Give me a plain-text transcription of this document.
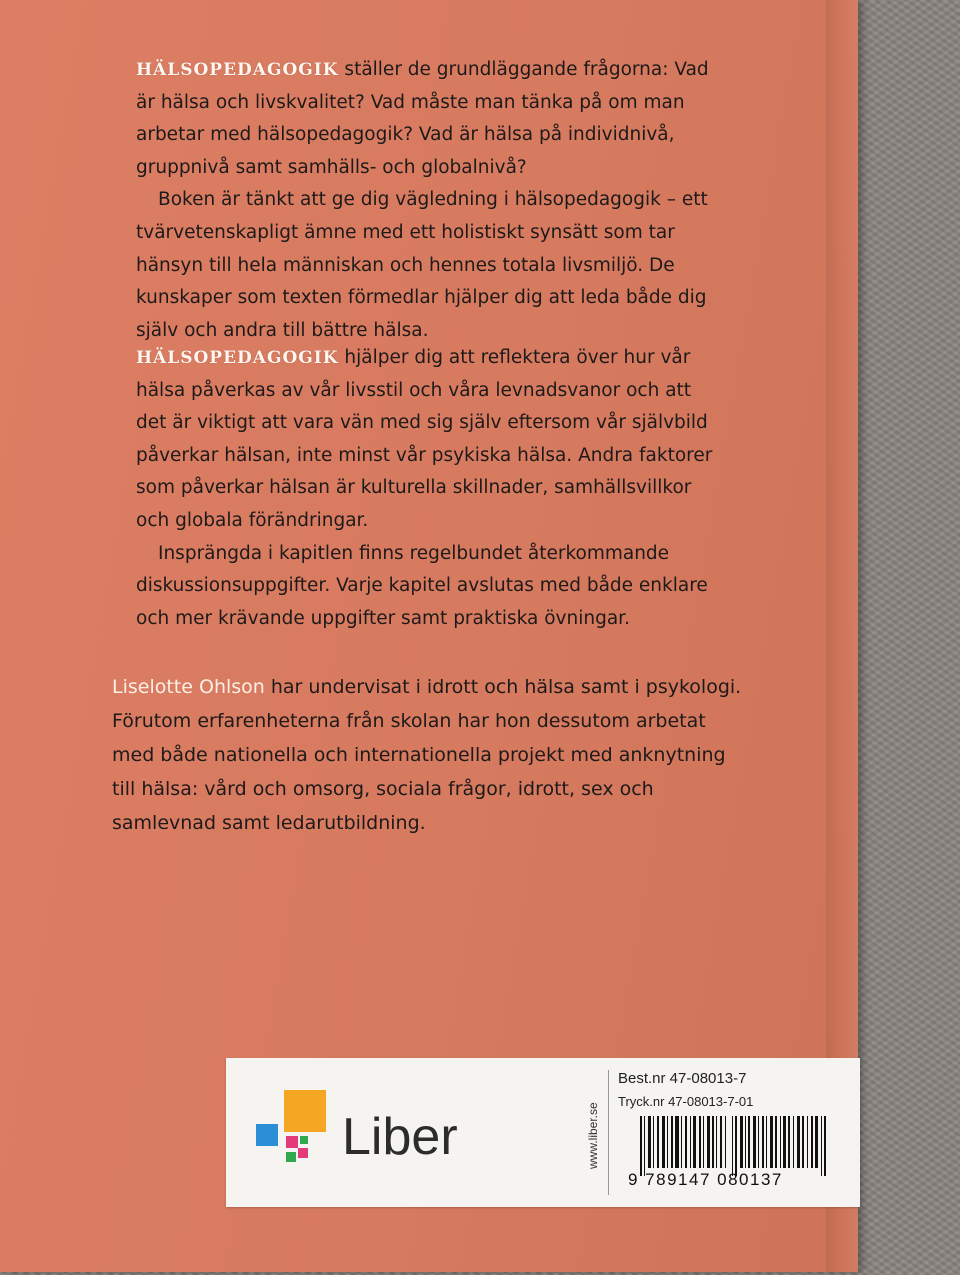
HÄLSOPEDAGOGIK ställer de grundläggande frågorna: Vad är hälsa och livskvalitet? Vad måste man tänka på om man arbetar med hälsopedagogik? Vad är hälsa på individnivå, gruppnivå samt samhälls- och globalnivå?

Boken är tänkt att ge dig vägledning i hälsopedagogik – ett tvärvetenskapligt ämne med ett holistiskt synsätt som tar hänsyn till hela människan och hennes totala livsmiljö. De kunskaper som texten förmedlar hjälper dig att leda både dig själv och andra till bättre hälsa.

HÄLSOPEDAGOGIK hjälper dig att reflektera över hur vår hälsa påverkas av vår livsstil och våra levnadsvanor och att det är viktigt att vara vän med sig själv eftersom vår självbild påverkar hälsan, inte minst vår psykiska hälsa. Andra faktorer som påverkar hälsan är kulturella skillnader, samhällsvillkor och globala förändringar.

Insprängda i kapitlen finns regelbundet återkommande diskussionsuppgifter. Varje kapitel avslutas med både enklare och mer krävande uppgifter samt praktiska övningar.

Liselotte Ohlson har undervisat i idrott och hälsa samt i psykologi. Förutom erfarenheterna från skolan har hon dessutom arbetat med både nationella och internationella projekt med anknytning till hälsa: vård och omsorg, sociala frågor, idrott, sex och samlevnad samt ledarutbildning.

Liber	www.liber.se
Best.nr 47-08013-7
Tryck.nr 47-08013-7-01
9 789147 080137
